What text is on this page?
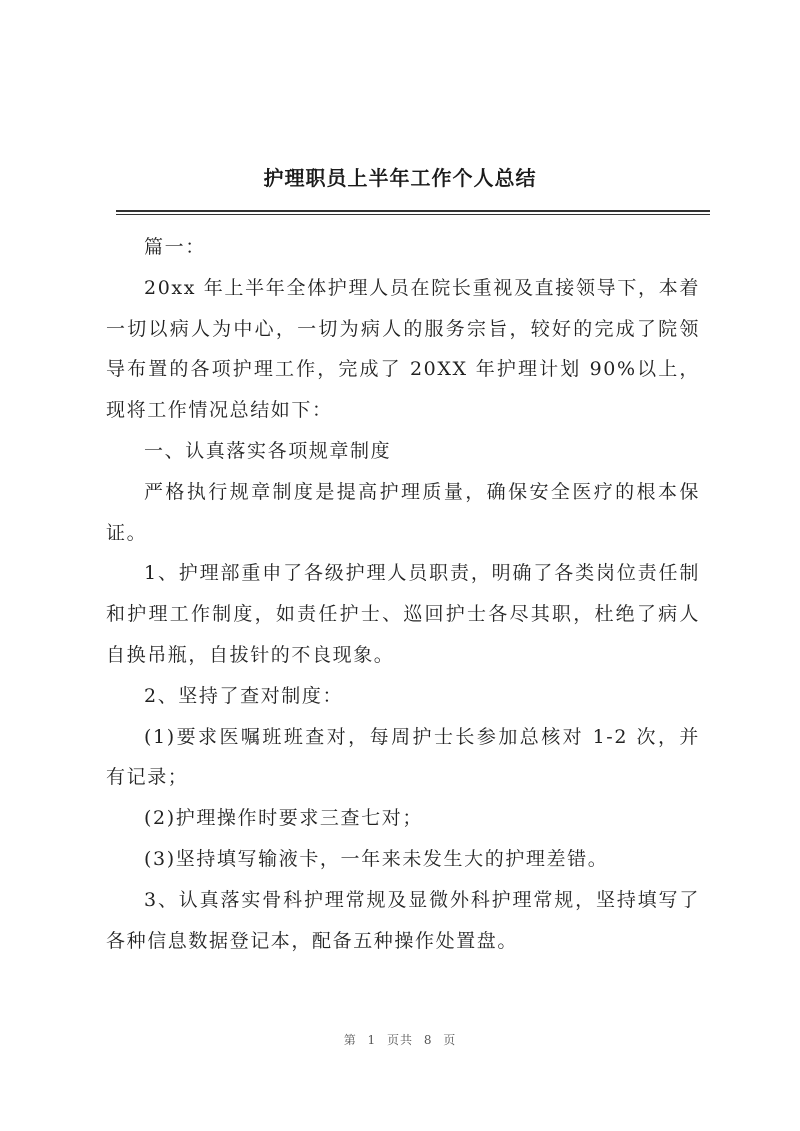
护理职员上半年工作个人总结

篇一：

20xx 年上半年全体护理人员在院长重视及直接领导下，本着一切以病人为中心，一切为病人的服务宗旨，较好的完成了院领导布置的各项护理工作，完成了 20XX 年护理计划 90%以上，现将工作情况总结如下：

一、认真落实各项规章制度

严格执行规章制度是提高护理质量，确保安全医疗的根本保证。

1、护理部重申了各级护理人员职责，明确了各类岗位责任制和护理工作制度，如责任护士、巡回护士各尽其职，杜绝了病人自换吊瓶，自拔针的不良现象。

2、坚持了查对制度：

(1)要求医嘱班班查对，每周护士长参加总核对 1-2 次，并有记录；

(2)护理操作时要求三查七对；

(3)坚持填写输液卡，一年来未发生大的护理差错。

3、认真落实骨科护理常规及显微外科护理常规，坚持填写了各种信息数据登记本，配备五种操作处置盘。

第 1 页共 8 页
